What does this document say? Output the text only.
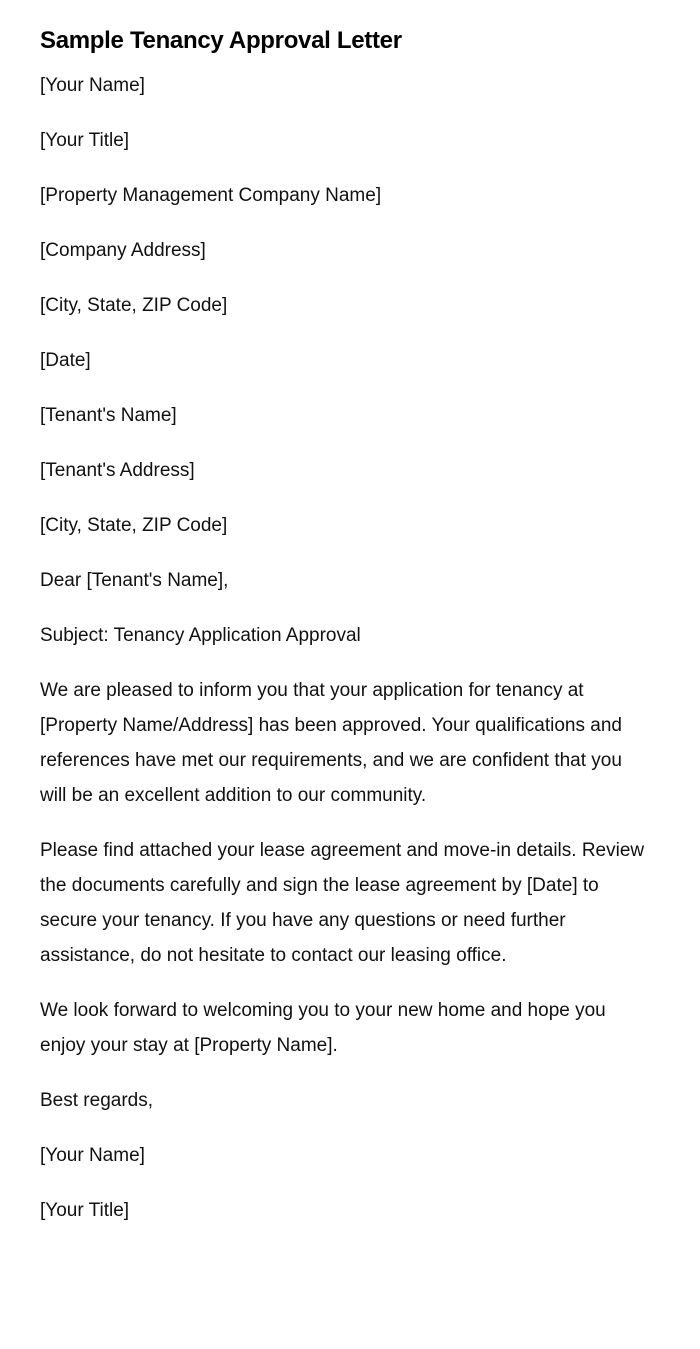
Sample Tenancy Approval Letter

[Your Name]

[Your Title]

[Property Management Company Name]

[Company Address]

[City, State, ZIP Code]

[Date]

[Tenant's Name]

[Tenant's Address]

[City, State, ZIP Code]

Dear [Tenant's Name],

Subject: Tenancy Application Approval

We are pleased to inform you that your application for tenancy at [Property Name/Address] has been approved. Your qualifications and references have met our requirements, and we are confident that you will be an excellent addition to our community.

Please find attached your lease agreement and move-in details. Review the documents carefully and sign the lease agreement by [Date] to secure your tenancy. If you have any questions or need further assistance, do not hesitate to contact our leasing office.

We look forward to welcoming you to your new home and hope you enjoy your stay at [Property Name].

Best regards,

[Your Name]

[Your Title]
